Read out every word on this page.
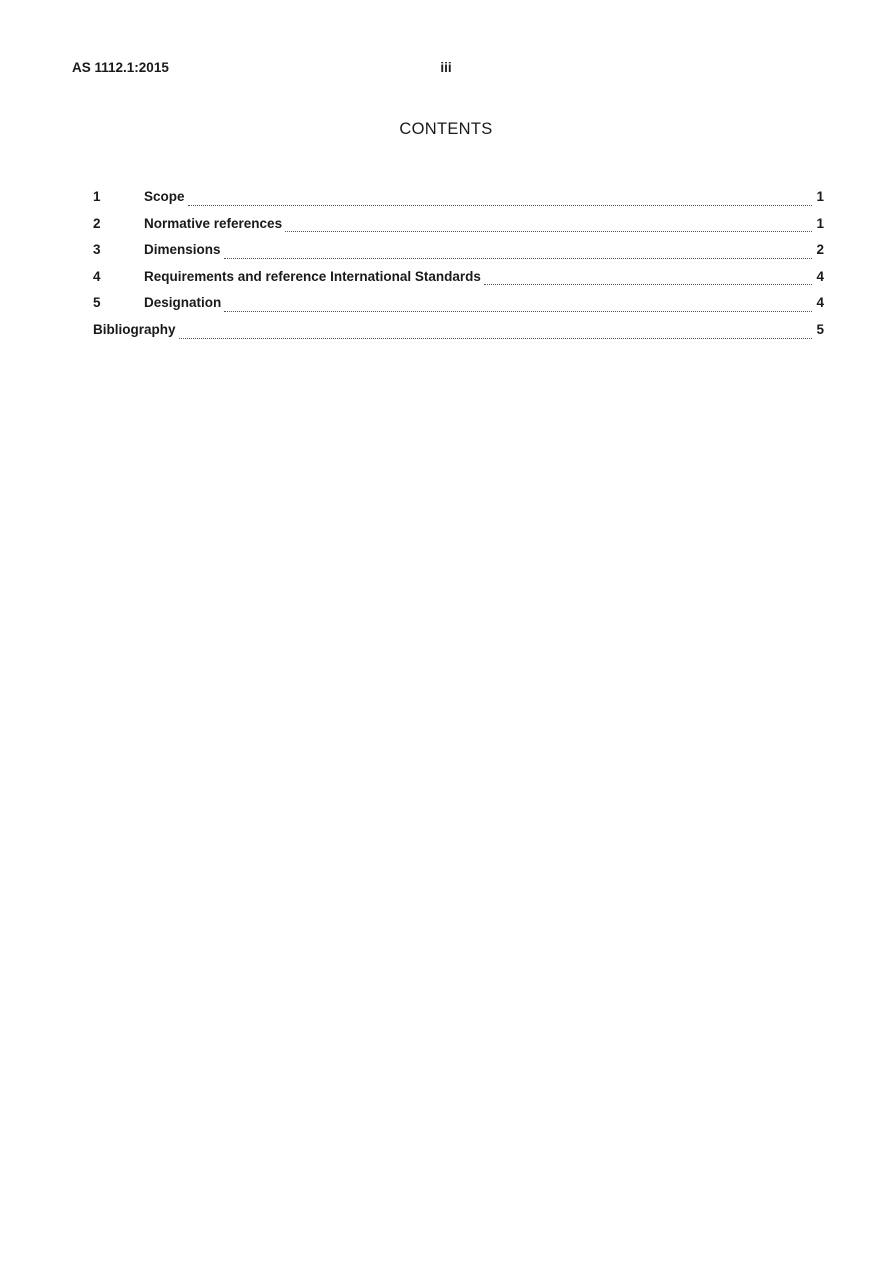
AS 1112.1:2015	iii
CONTENTS
1	Scope	1
2	Normative references	1
3	Dimensions	2
4	Requirements and reference International Standards	4
5	Designation	4
Bibliography	5
